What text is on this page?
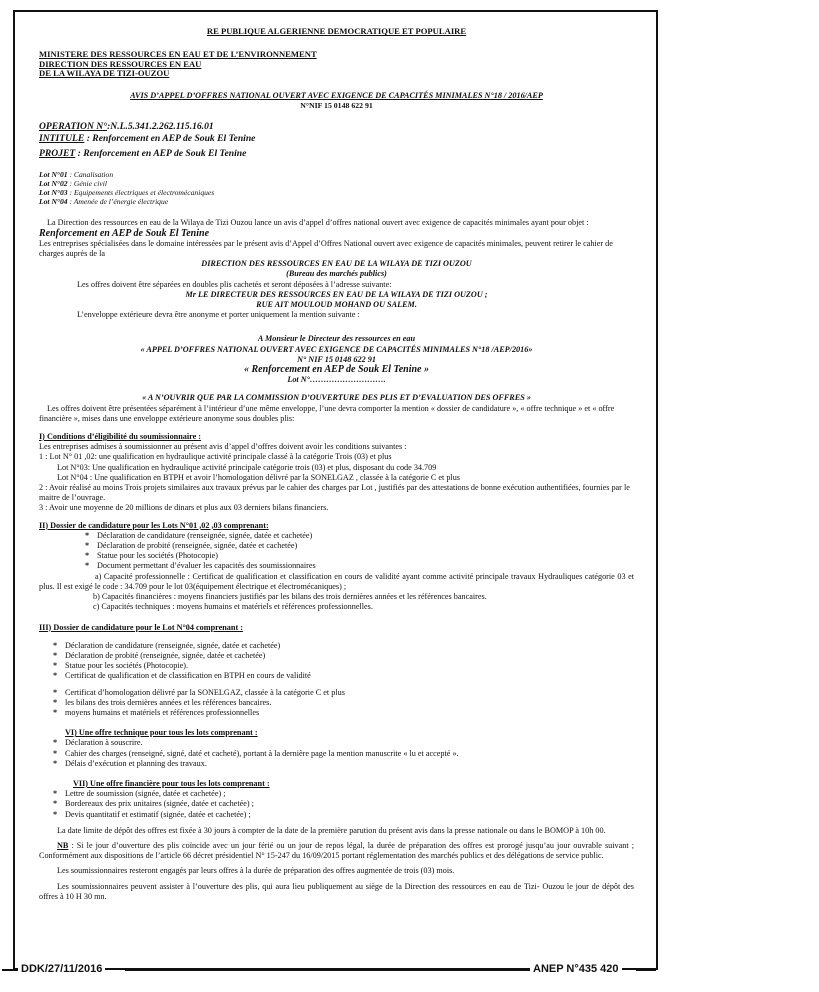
RE PUBLIQUE ALGERIENNE DEMOCRATIQUE ET POPULAIRE
MINISTERE DES RESSOURCES EN EAU ET DE L’ENVIRONNEMENT
DIRECTION DES RESSOURCES EN EAU
DE LA WILAYA DE TIZI-OUZOU
AVIS D’APPEL D’OFFRES NATIONAL OUVERT AVEC EXIGENCE DE CAPACITÉS MINIMALES N°18 / 2016/AEP
N°NIF 15 0148 622 91
OPERATION N°:N.L.5.341.2.262.115.16.01
INTITULE : Renforcement en AEP de Souk El Tenine
PROJET : Renforcement en AEP de Souk El Tenine
Lot N°01 : Canalisation
Lot N°02 : Génie civil
Lot N°03 : Equipements électriques et électromécaniques
Lot N°04 : Amenée de l’énergie électrique

La Direction des ressources en eau de la Wilaya de Tizi Ouzou lance un avis d’appel d’offres national ouvert avec exigence de capacités minimales ayant pour objet : Renforcement en AEP de Souk El Tenine

Les entreprises spécialisées dans le domaine intéressées par le présent avis d’Appel d’Offres National ouvert avec exigence de capacités minimales, peuvent retirer le cahier de charges auprès de la

DIRECTION DES RESSOURCES EN EAU DE LA WILAYA DE TIZI OUZOU

(Bureau des marchés publics)

Les offres doivent être séparées en doubles plis cachetés et seront déposées à l’adresse suivante:

Mr LE DIRECTEUR DES RESSOURCES EN EAU DE LA WILAYA DE TIZI OUZOU ;

RUE AIT MOULOUD MOHAND OU SALEM.

L’enveloppe extérieure devra être anonyme et porter uniquement la mention suivante :

A Monsieur le Directeur des ressources en eau

« APPEL D’OFFRES NATIONAL OUVERT AVEC EXIGENCE DE CAPACITÉS MINIMALES N°18 /AEP/2016»

N° NIF 15 0148 622 91

« Renforcement en AEP de Souk El Tenine »

Lot N°……………………….

« A N’OUVRIR QUE PAR LA COMMISSION D’OUVERTURE DES PLIS ET D’EVALUATION DES OFFRES »

Les offres doivent être présentées séparément à l’intérieur d’une même enveloppe, l’une devra comporter la mention « dossier de candidature », « offre technique » et « offre financière », mises dans une enveloppe extérieure anonyme sous doubles plis:

I) Conditions d’éligibilité du soumissionnaire :

Les entreprises admises à soumissionner au présent avis d’appel d’offres doivent avoir les conditions suivantes :

1 : Lot N° 01 ,02: une qualification en hydraulique activité principale classé à la catégorie Trois (03) et plus

Lot N°03: Une qualification en hydraulique activité principale catégorie trois (03) et plus, disposant du code 34.709

Lot N°04 : Une qualification en BTPH et avoir l’homologation délivré par la SONELGAZ , classée à la catégorie C et plus

2 : Avoir réalisé au moins Trois projets similaires aux travaux prévus par le cahier des charges par Lot , justifiés par des attestations de bonne exécution authentifiées, fournies par le maitre de l’ouvrage.

3 : Avoir une moyenne de 20 millions de dinars et plus aux 03 derniers bilans financiers.

II) Dossier de candidature pour les Lots N°01 ,02 ,03 comprenant:
* Déclaration de candidature (renseignée, signée, datée et cachetée)
* Déclaration de probité (renseignée, signée, datée et cachetée)
* Statue pour les sociétés (Photocopie)
* Document permettant d’évaluer les capacités des soumissionnaires

a) Capacité professionnelle : Certificat de qualification et classification en cours de validité ayant comme activité principale travaux Hydrauliques catégorie 03 et plus. Il est exigé le code : 34.709 pour le lot 03(équipement électrique et électromécaniques) ;

b) Capacités financières : moyens financiers justifiés par les bilans des trois dernières années et les références bancaires.

c) Capacités techniques : moyens humains et matériels et références professionnelles.

III) Dossier de candidature pour le Lot N°04 comprenant :
* Déclaration de candidature (renseignée, signée, datée et cachetée)
* Déclaration de probité (renseignée, signée, datée et cachetée)
* Statue pour les sociétés (Photocopie).
* Certificat de qualification et de classification en BTPH en cours de validité
* Certificat d’homologation délivré par la SONELGAZ, classée à la catégorie C et plus
* les bilans des trois dernières années et les références bancaires.
* moyens humains et matériels et références professionnelles
VI) Une offre technique pour tous les lots comprenant :
* Déclaration à souscrire.
* Cahier des charges (renseigné, signé, daté et cacheté), portant à la dernière page la mention manuscrite « lu et accepté ».
* Délais d’exécution et planning des travaux.
VII) Une offre financière pour tous les lots comprenant :
* Lettre de soumission (signée, datée et cachetée) ;
* Bordereaux des prix unitaires (signée, datée et cachetée) ;
* Devis quantitatif et estimatif (signée, datée et cachetée) ;

La date limite de dépôt des offres est fixée à 30 jours à compter de la date de la première parution du présent avis dans la presse nationale ou dans le BOMOP à 10h 00.

NB : Si le jour d’ouverture des plis coïncide avec un jour férié ou un jour de repos légal, la durée de préparation des offres est prorogé jusqu’au jour ouvrable suivant ; Conformément aux dispositions de l’article 66 décret présidentiel N° 15-247 du 16/09/2015 portant réglementation des marchés publics et des délégations de service public.

Les soumissionnaires resteront engagés par leurs offres à la durée de préparation des offres augmentée de trois (03) mois.

Les soumissionnaires peuvent assister à l’ouverture des plis, qui aura lieu publiquement au siège de la Direction des ressources en eau de Tizi- Ouzou le jour de dépôt des offres à 10 H 30 mn.

DDK/27/11/2016	ANEP N°435 420
